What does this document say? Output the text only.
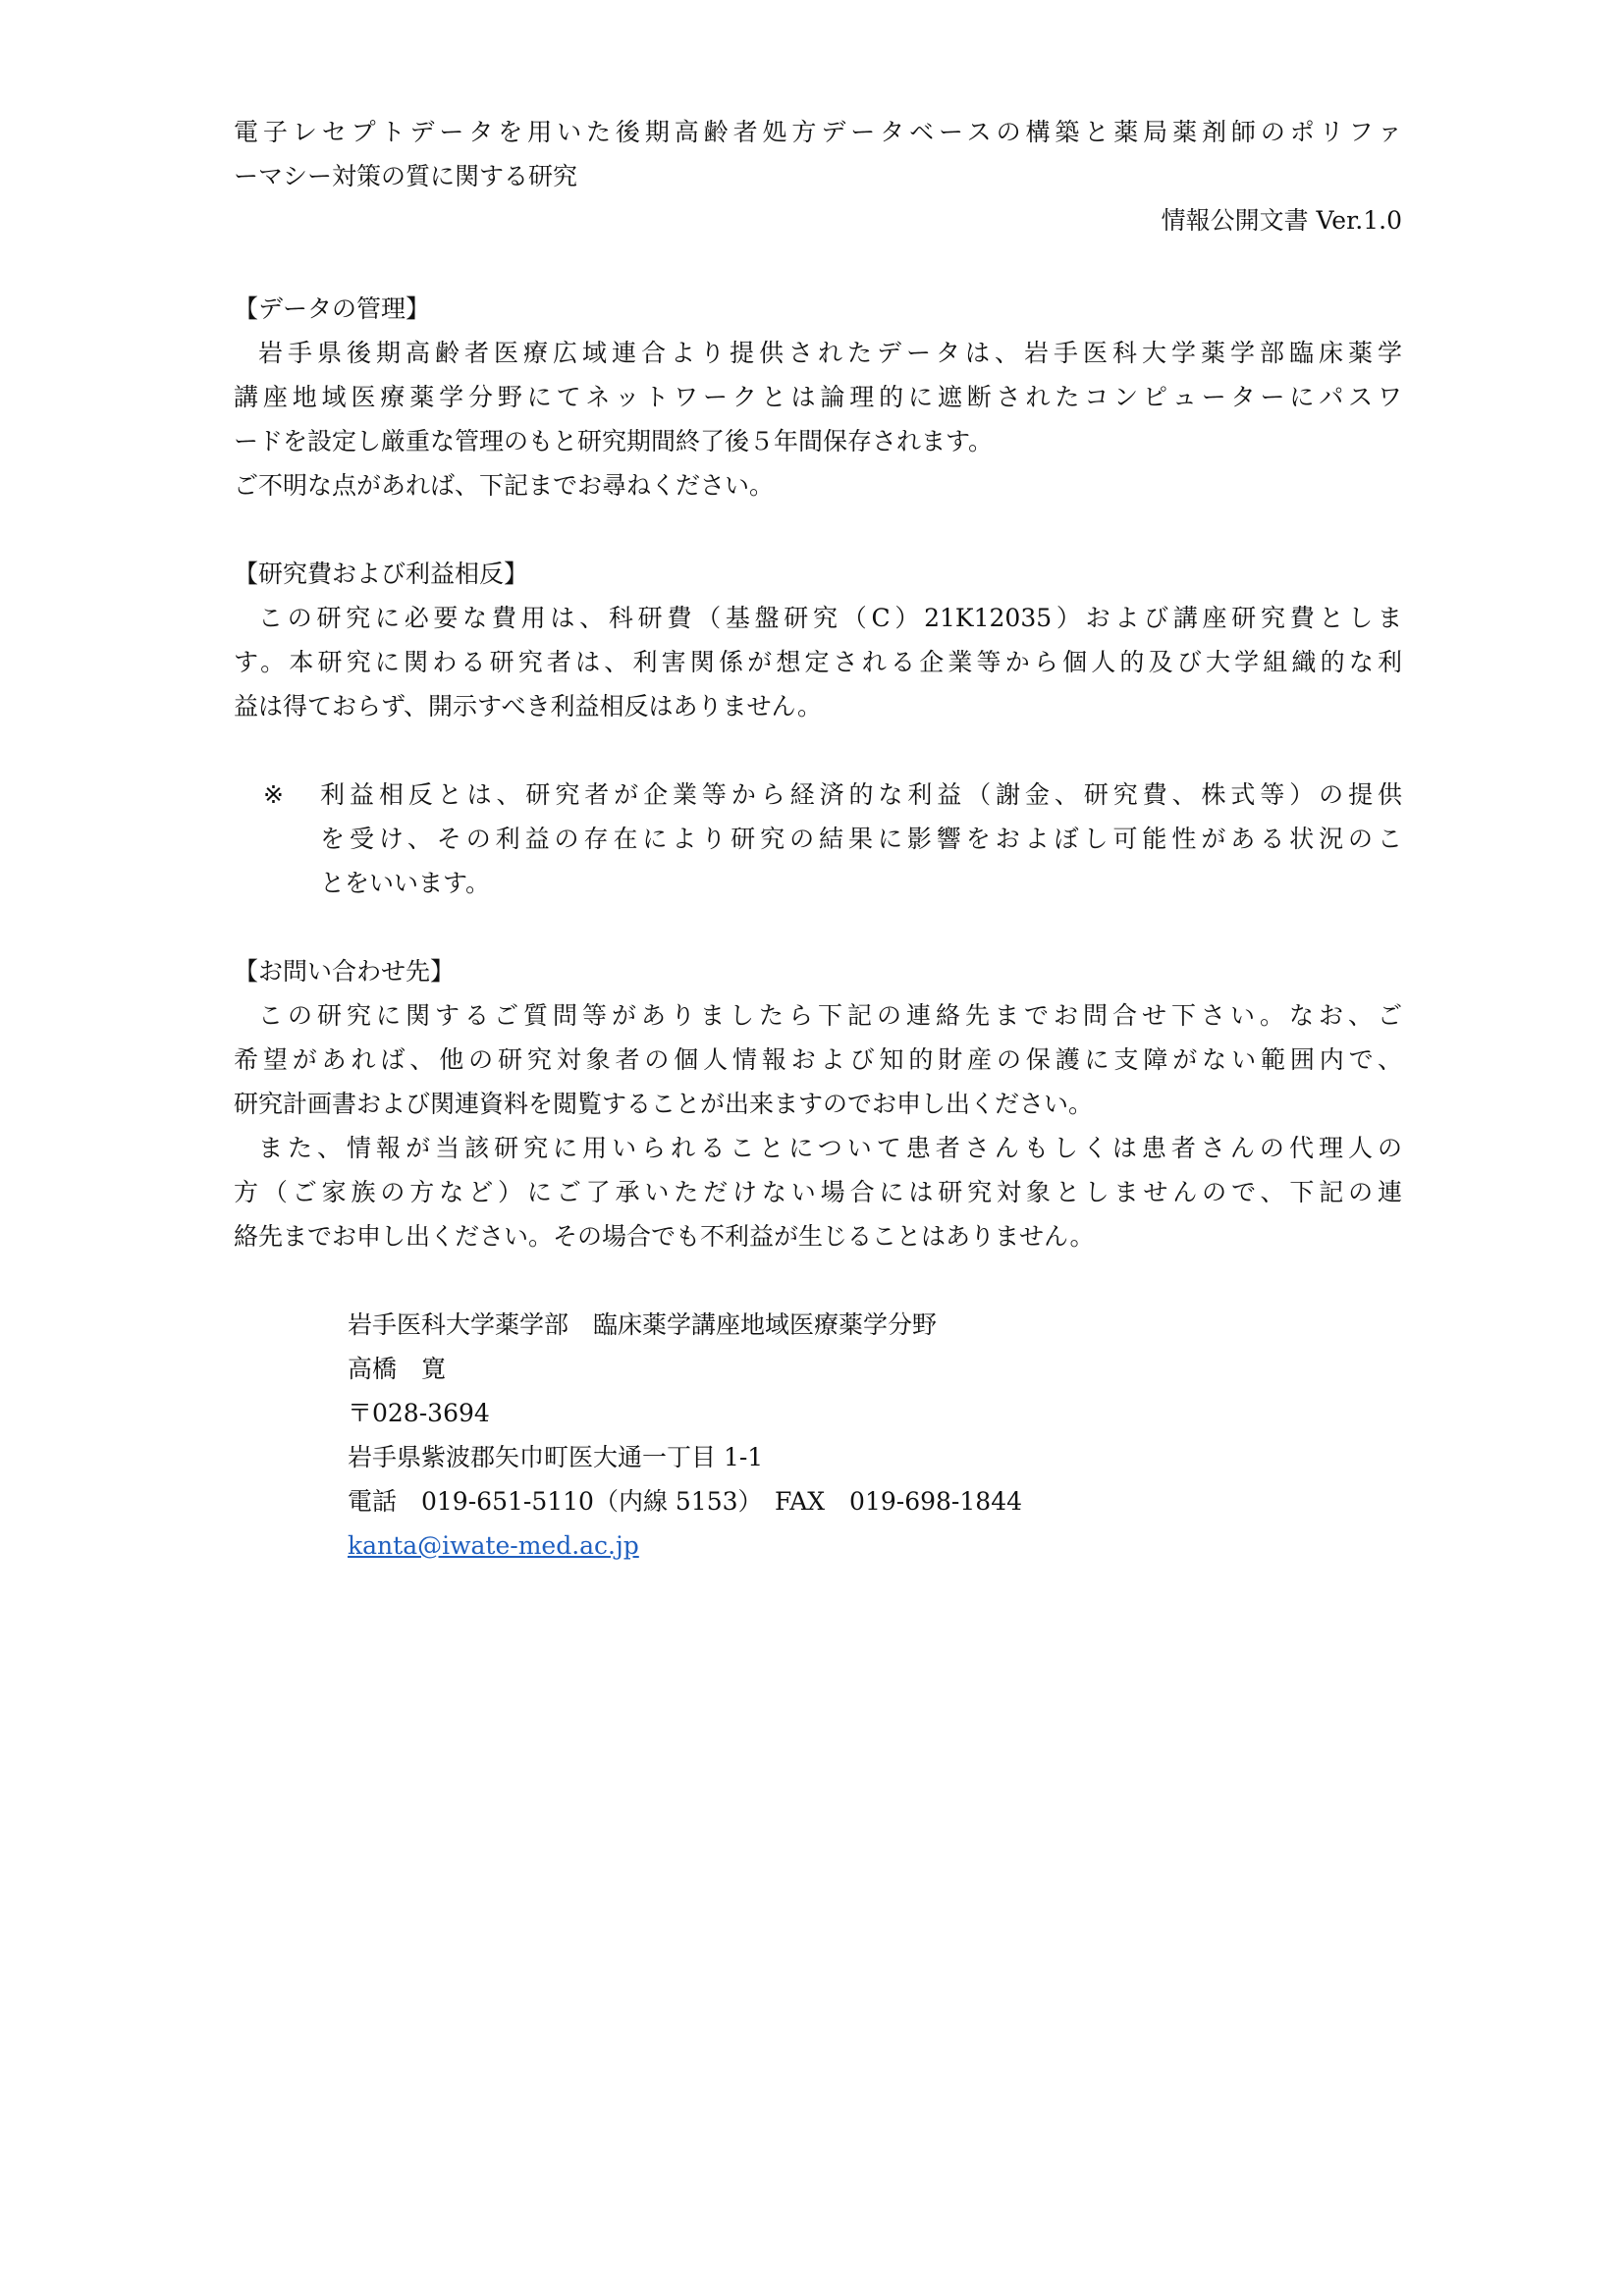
電子レセプトデータを用いた後期高齢者処方データベースの構築と薬局薬剤師のポリファ
ーマシー対策の質に関する研究
情報公開文書 Ver.1.0
【データの管理】
岩手県後期高齢者医療広域連合より提供されたデータは、岩手医科大学薬学部臨床薬学
講座地域医療薬学分野にてネットワークとは論理的に遮断されたコンピューターにパスワ
ードを設定し厳重な管理のもと研究期間終了後５年間保存されます。
ご不明な点があれば、下記までお尋ねください。
【研究費および利益相反】
この研究に必要な費用は、科研費（基盤研究（C）21K12035）および講座研究費としま
す。本研究に関わる研究者は、利害関係が想定される企業等から個人的及び大学組織的な利
益は得ておらず、開示すべき利益相反はありません。
※	利益相反とは、研究者が企業等から経済的な利益（謝金、研究費、株式等）の提供
を受け、その利益の存在により研究の結果に影響をおよぼし可能性がある状況のこ
とをいいます。
【お問い合わせ先】
この研究に関するご質問等がありましたら下記の連絡先までお問合せ下さい。なお、ご
希望があれば、他の研究対象者の個人情報および知的財産の保護に支障がない範囲内で、
研究計画書および関連資料を閲覧することが出来ますのでお申し出ください。
また、情報が当該研究に用いられることについて患者さんもしくは患者さんの代理人の
方（ご家族の方など）にご了承いただけない場合には研究対象としませんので、下記の連
絡先までお申し出ください。その場合でも不利益が生じることはありません。
岩手医科大学薬学部　臨床薬学講座地域医療薬学分野
高橋　寛
〒028-3694
岩手県紫波郡矢巾町医大通一丁目 1-1
電話　019-651-5110（内線 5153）　FAX　019-698-1844
kanta@iwate-med.ac.jp
